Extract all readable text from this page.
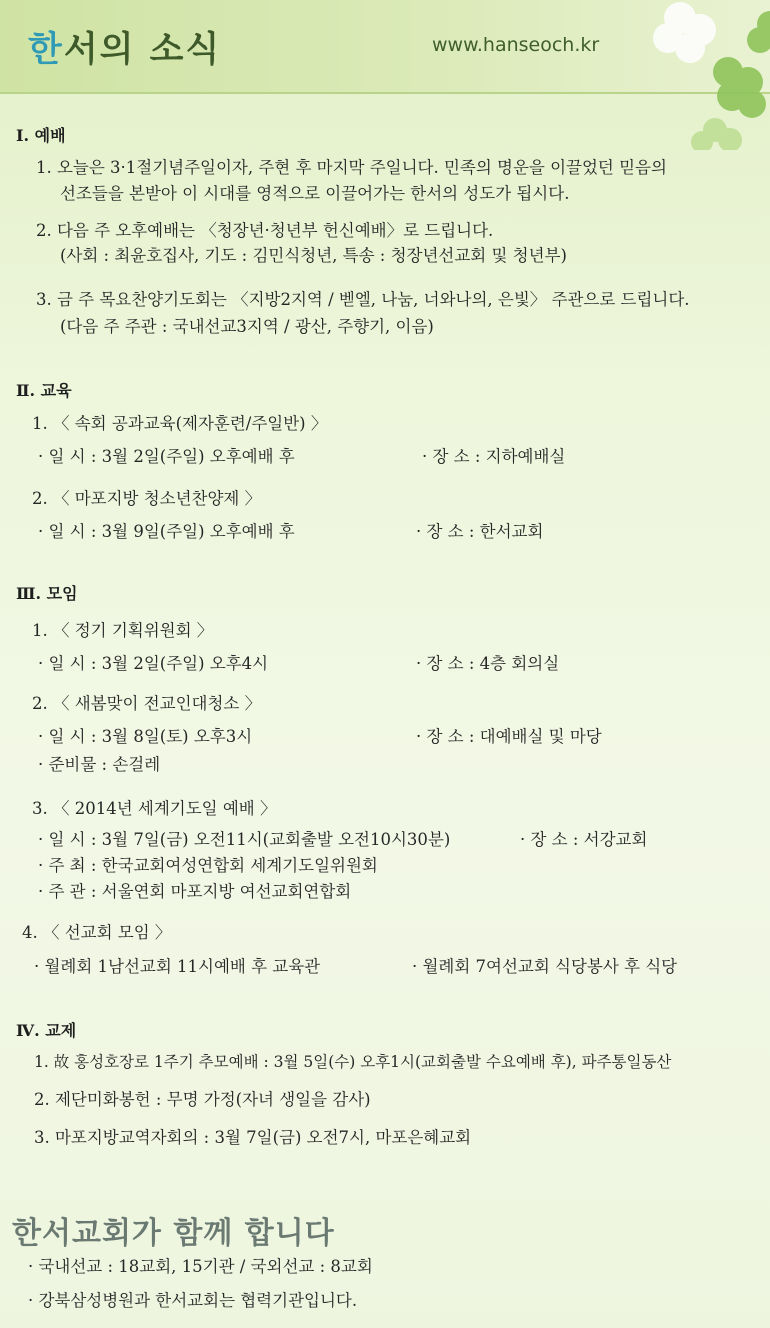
한서의 소식	www.hanseoch.kr
Ⅰ. 예배
1. 오늘은 3·1절기념주일이자, 주현 후 마지막 주일니다. 민족의 명운을 이끌었던 믿음의
선조들을 본받아 이 시대를 영적으로 이끌어가는 한서의 성도가 됩시다.
2. 다음 주 오후예배는 〈청장년·청년부 헌신예배〉로 드립니다.
(사회 : 최윤호집사, 기도 : 김민식청년, 특송 : 청장년선교회 및 청년부)
3. 금 주 목요찬양기도회는 〈지방2지역 / 벧엘, 나눔, 너와나의, 은빛〉 주관으로 드립니다.
(다음 주 주관 : 국내선교3지역 / 광산, 주향기, 이음)
Ⅱ. 교육
1. 〈 속회 공과교육(제자훈련/주일반) 〉
· 일 시 : 3월 2일(주일) 오후예배 후	· 장 소 : 지하예배실
2. 〈 마포지방 청소년찬양제 〉
· 일 시 : 3월 9일(주일) 오후예배 후	· 장 소 : 한서교회
Ⅲ. 모임
1. 〈 정기 기획위원회 〉
· 일 시 : 3월 2일(주일) 오후4시	· 장 소 : 4층 회의실
2. 〈 새봄맞이 전교인대청소 〉
· 일 시 : 3월 8일(토) 오후3시	· 장 소 : 대예배실 및 마당
· 준비물 : 손걸레
3. 〈 2014년 세계기도일 예배 〉
· 일 시 : 3월 7일(금) 오전11시(교회출발 오전10시30분)	· 장 소 : 서강교회
· 주 최 : 한국교회여성연합회 세계기도일위원회
· 주 관 : 서울연회 마포지방 여선교회연합회
4. 〈 선교회 모임 〉
· 월례회 1남선교회 11시예배 후 교육관	· 월례회 7여선교회 식당봉사 후 식당
Ⅳ. 교제
1. 故 홍성호장로 1주기 추모예배 : 3월 5일(수) 오후1시(교회출발 수요예배 후), 파주통일동산
2. 제단미화봉헌 : 무명 가정(자녀 생일을 감사)
3. 마포지방교역자회의 : 3월 7일(금) 오전7시, 마포은혜교회
한서교회가 함께 합니다
· 국내선교 : 18교회, 15기관 / 국외선교 : 8교회
· 강북삼성병원과 한서교회는 협력기관입니다.
